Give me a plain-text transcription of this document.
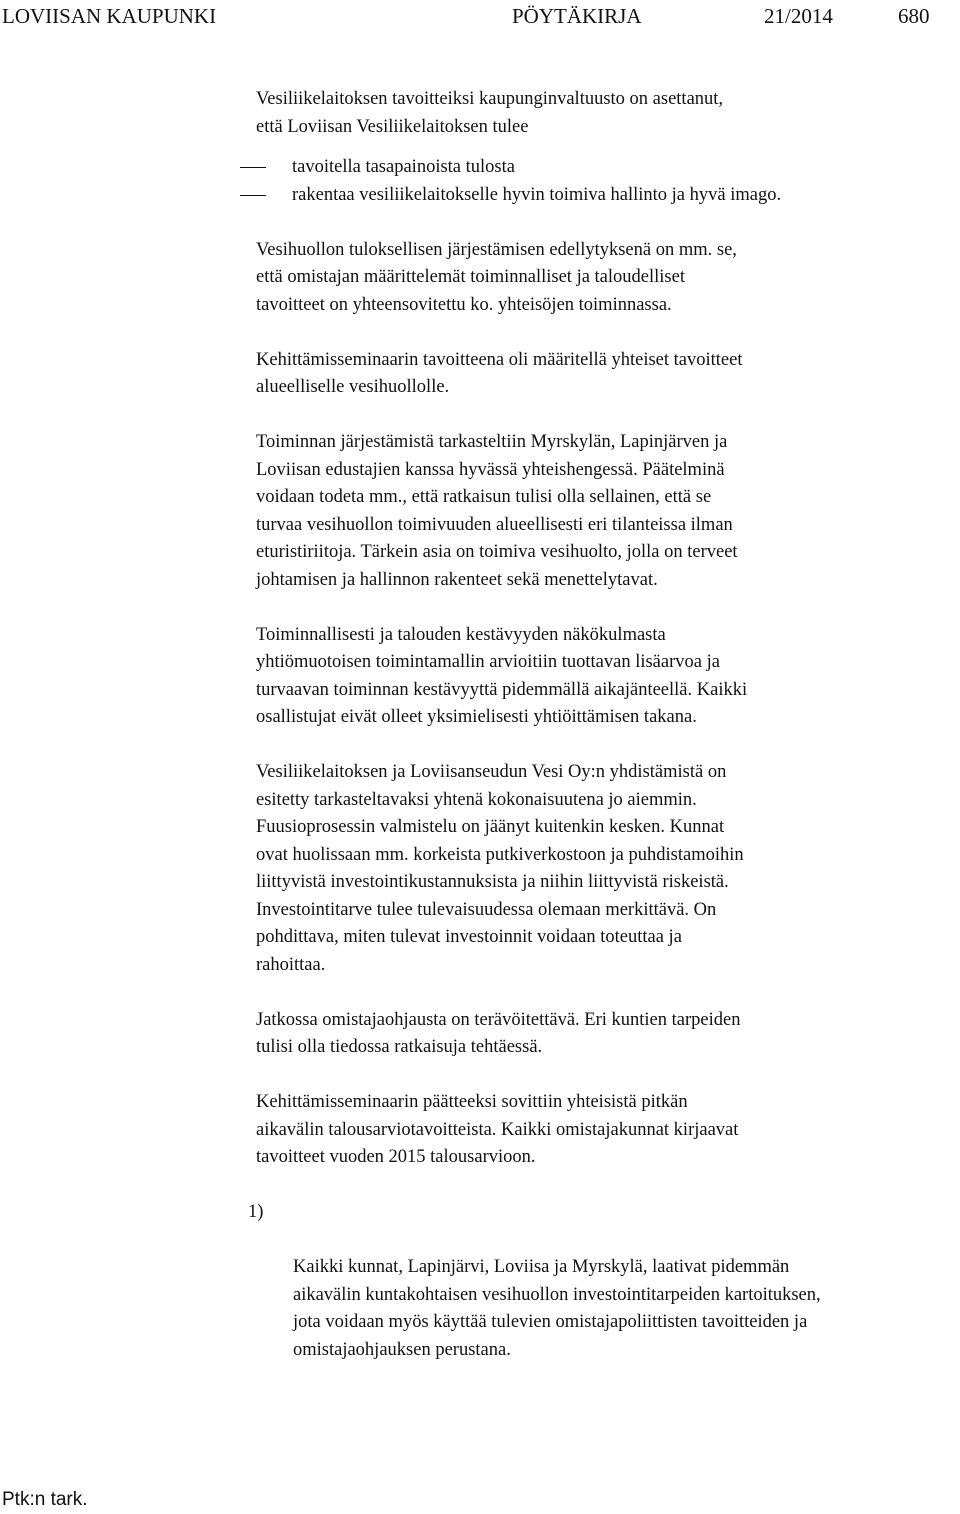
LOVIISAN KAUPUNKI	PÖYTÄKIRJA	21/2014	680

Vesiliikelaitoksen tavoitteiksi kaupunginvaltuusto on asettanut,
että Loviisan Vesiliikelaitoksen tulee

tavoitella tasapainoista tulosta
rakentaa vesiliikelaitokselle hyvin toimiva hallinto ja hyvä imago.

Vesihuollon tuloksellisen järjestämisen edellytyksenä on mm. se,
että omistajan määrittelemät toiminnalliset ja taloudelliset
tavoitteet on yhteensovitettu ko. yhteisöjen toiminnassa.

Kehittämisseminaarin tavoitteena oli määritellä yhteiset tavoitteet
alueelliselle vesihuollolle.

Toiminnan järjestämistä tarkasteltiin Myrskylän, Lapinjärven ja
Loviisan edustajien kanssa hyvässä yhteishengessä. Päätelminä
voidaan todeta mm., että ratkaisun tulisi olla sellainen, että se
turvaa vesihuollon toimivuuden alueellisesti eri tilanteissa ilman
eturistiriitoja. Tärkein asia on toimiva vesihuolto, jolla on terveet
johtamisen ja hallinnon rakenteet sekä menettelytavat.

Toiminnallisesti ja talouden kestävyyden näkökulmasta
yhtiömuotoisen toimintamallin arvioitiin tuottavan lisäarvoa ja
turvaavan toiminnan kestävyyttä pidemmällä aikajänteellä. Kaikki
osallistujat eivät olleet yksimielisesti yhtiöittämisen takana.

Vesiliikelaitoksen ja Loviisanseudun Vesi Oy:n yhdistämistä on
esitetty tarkasteltavaksi yhtenä kokonaisuutena jo aiemmin.
Fuusioprosessin valmistelu on jäänyt kuitenkin kesken. Kunnat
ovat huolissaan mm. korkeista putkiverkostoon ja puhdistamoihin
liittyvistä investointikustannuksista ja niihin liittyvistä riskeistä.
Investointitarve tulee tulevaisuudessa olemaan merkittävä. On
pohdittava, miten tulevat investoinnit voidaan toteuttaa ja
rahoittaa.

Jatkossa omistajaohjausta on terävöitettävä. Eri kuntien tarpeiden
tulisi olla tiedossa ratkaisuja tehtäessä.

Kehittämisseminaarin päätteeksi sovittiin yhteisistä pitkän
aikavälin talousarviotavoitteista. Kaikki omistajakunnat kirjaavat
tavoitteet vuoden 2015 talousarvioon.

1)

Kaikki kunnat, Lapinjärvi, Loviisa ja Myrskylä, laativat pidemmän
aikavälin kuntakohtaisen vesihuollon investointitarpeiden kartoituksen,
jota voidaan myös käyttää tulevien omistajapoliittisten tavoitteiden ja
omistajaohjauksen perustana.

Ptk:n tark.
